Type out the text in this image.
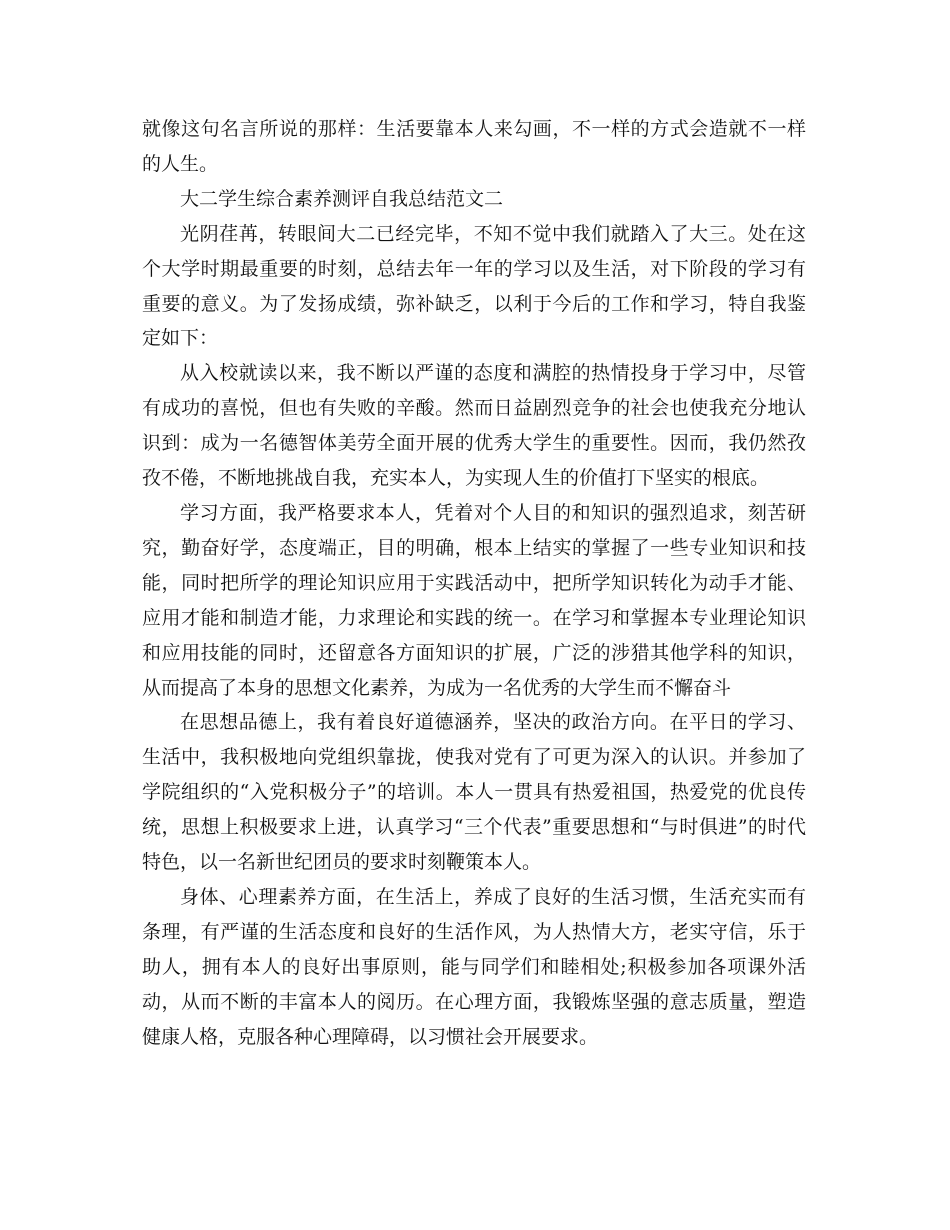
就像这句名言所说的那样：生活要靠本人来勾画，不一样的方式会造就不一样的人生。

大二学生综合素养测评自我总结范文二

光阴荏苒，转眼间大二已经完毕，不知不觉中我们就踏入了大三。处在这个大学时期最重要的时刻，总结去年一年的学习以及生活，对下阶段的学习有重要的意义。为了发扬成绩，弥补缺乏，以利于今后的工作和学习，特自我鉴定如下：

从入校就读以来，我不断以严谨的态度和满腔的热情投身于学习中，尽管有成功的喜悦，但也有失败的辛酸。然而日益剧烈竞争的社会也使我充分地认识到：成为一名德智体美劳全面开展的优秀大学生的重要性。因而，我仍然孜孜不倦，不断地挑战自我，充实本人，为实现人生的价值打下坚实的根底。

学习方面，我严格要求本人，凭着对个人目的和知识的强烈追求，刻苦研究，勤奋好学，态度端正，目的明确，根本上结实的掌握了一些专业知识和技能，同时把所学的理论知识应用于实践活动中，把所学知识转化为动手才能、应用才能和制造才能，力求理论和实践的统一。在学习和掌握本专业理论知识和应用技能的同时，还留意各方面知识的扩展，广泛的涉猎其他学科的知识，从而提高了本身的思想文化素养，为成为一名优秀的大学生而不懈奋斗

在思想品德上，我有着良好道德涵养，坚决的政治方向。在平日的学习、生活中，我积极地向党组织靠拢，使我对党有了可更为深入的认识。并参加了学院组织的“入党积极分子”的培训。本人一贯具有热爱祖国，热爱党的优良传统，思想上积极要求上进，认真学习“三个代表”重要思想和“与时俱进”的时代特色，以一名新世纪团员的要求时刻鞭策本人。

身体、心理素养方面，在生活上，养成了良好的生活习惯，生活充实而有条理，有严谨的生活态度和良好的生活作风，为人热情大方，老实守信，乐于助人，拥有本人的良好出事原则，能与同学们和睦相处;积极参加各项课外活动，从而不断的丰富本人的阅历。在心理方面，我锻炼坚强的意志质量，塑造健康人格，克服各种心理障碍，以习惯社会开展要求。
